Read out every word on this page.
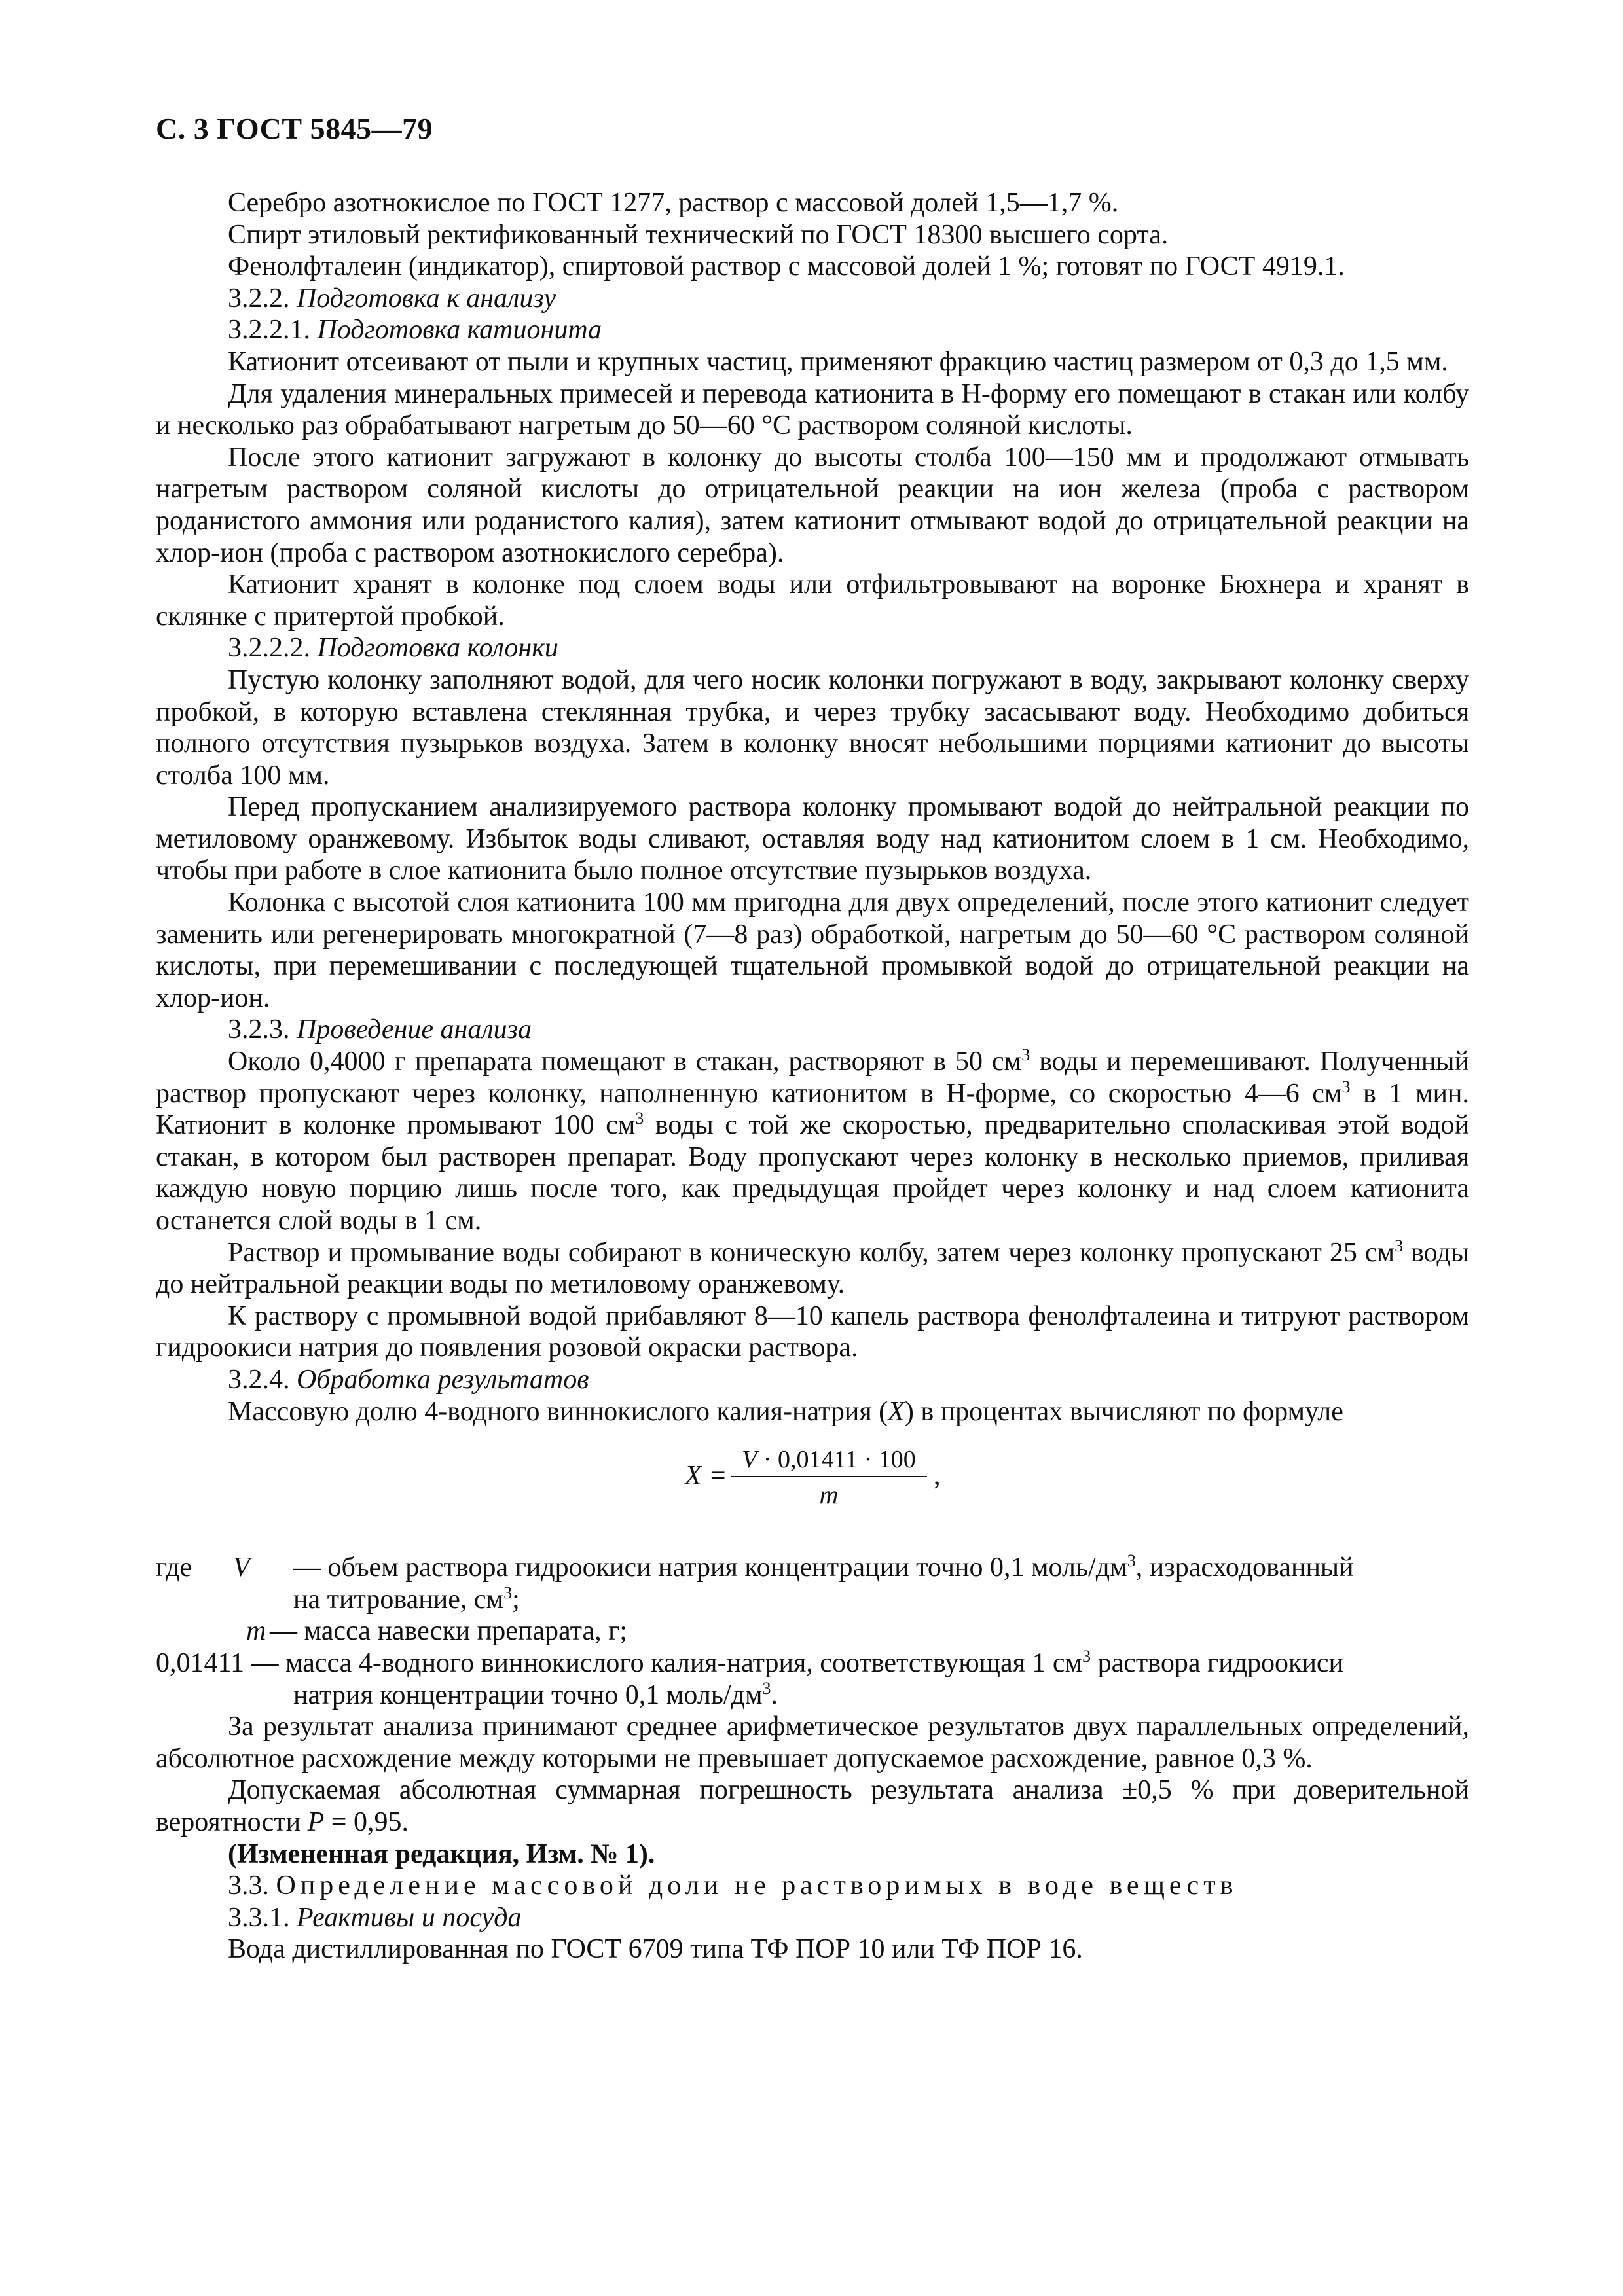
С. 3 ГОСТ 5845—79

Серебро азотнокислое по ГОСТ 1277, раствор с массовой долей 1,5—1,7 %.

Спирт этиловый ректификованный технический по ГОСТ 18300 высшего сорта.

Фенолфталеин (индикатор), спиртовой раствор с массовой долей 1 %; готовят по ГОСТ 4919.1.

3.2.2. Подготовка к анализу

3.2.2.1. Подготовка катионита

Катионит отсеивают от пыли и крупных частиц, применяют фракцию частиц размером от 0,3 до 1,5 мм.

Для удаления минеральных примесей и перевода катионита в Н-форму его помещают в стакан или колбу и несколько раз обрабатывают нагретым до 50—60 °С раствором соляной кислоты.

После этого катионит загружают в колонку до высоты столба 100—150 мм и продолжают отмывать нагретым раствором соляной кислоты до отрицательной реакции на ион железа (проба с раствором роданистого аммония или роданистого калия), затем катионит отмывают водой до отрицательной реакции на хлор-ион (проба с раствором азотнокислого серебра).

Катионит хранят в колонке под слоем воды или отфильтровывают на воронке Бюхнера и хранят в склянке с притертой пробкой.

3.2.2.2. Подготовка колонки

Пустую колонку заполняют водой, для чего носик колонки погружают в воду, закрывают колонку сверху пробкой, в которую вставлена стеклянная трубка, и через трубку засасывают воду. Необходимо добиться полного отсутствия пузырьков воздуха. Затем в колонку вносят небольшими порциями катионит до высоты столба 100 мм.

Перед пропусканием анализируемого раствора колонку промывают водой до нейтральной реакции по метиловому оранжевому. Избыток воды сливают, оставляя воду над катионитом слоем в 1 см. Необходимо, чтобы при работе в слое катионита было полное отсутствие пузырьков воздуха.

Колонка с высотой слоя катионита 100 мм пригодна для двух определений, после этого катионит следует заменить или регенерировать многократной (7—8 раз) обработкой, нагретым до 50—60 °С раствором соляной кислоты, при перемешивании с последующей тщательной промывкой водой до отрицательной реакции на хлор-ион.

3.2.3. Проведение анализа

Около 0,4000 г препарата помещают в стакан, растворяют в 50 $см^3$ воды и перемешивают. Полученный раствор пропускают через колонку, наполненную катионитом в Н-форме, со скоростью 4—6 $см^3$ в 1 мин. Катионит в колонке промывают 100 $см^3$ воды с той же скоростью, предварительно споласкивая этой водой стакан, в котором был растворен препарат. Воду пропускают через колонку в несколько приемов, приливая каждую новую порцию лишь после того, как предыдущая пройдет через колонку и над слоем катионита останется слой воды в 1 см.

Раствор и промывание воды собирают в коническую колбу, затем через колонку пропускают 25 $см^3$ воды до нейтральной реакции воды по метиловому оранжевому.

К раствору с промывной водой прибавляют 8—10 капель раствора фенолфталеина и титруют раствором гидроокиси натрия до появления розовой окраски раствора.

3.2.4. Обработка результатов

Массовую долю 4-водного виннокислого калия-натрия (X) в процентах вычисляют по формуле

$X = \frac{V \cdot 0,01411 \cdot 100}{m}$ ,

где	V — объем раствора гидроокиси натрия концентрации точно 0,1 моль/$дм^3$, израсходованный

на титрование, $см^3$;

m — масса навески препарата, г;

0,01411 — масса 4-водного виннокислого калия-натрия, соответствующая 1 $см^3$ раствора гидроокиси

натрия концентрации точно 0,1 моль/$дм^3$.

За результат анализа принимают среднее арифметическое результатов двух параллельных определений, абсолютное расхождение между которыми не превышает допускаемое расхождение, равное 0,3 %.

Допускаемая абсолютная суммарная погрешность результата анализа ±0,5 % при доверительной вероятности P = 0,95.

(Измененная редакция, Изм. № 1).

3.3. Определение массовой доли не растворимых в воде веществ

3.3.1. Реактивы и посуда

Вода дистиллированная по ГОСТ 6709 типа ТФ ПОР 10 или ТФ ПОР 16.
